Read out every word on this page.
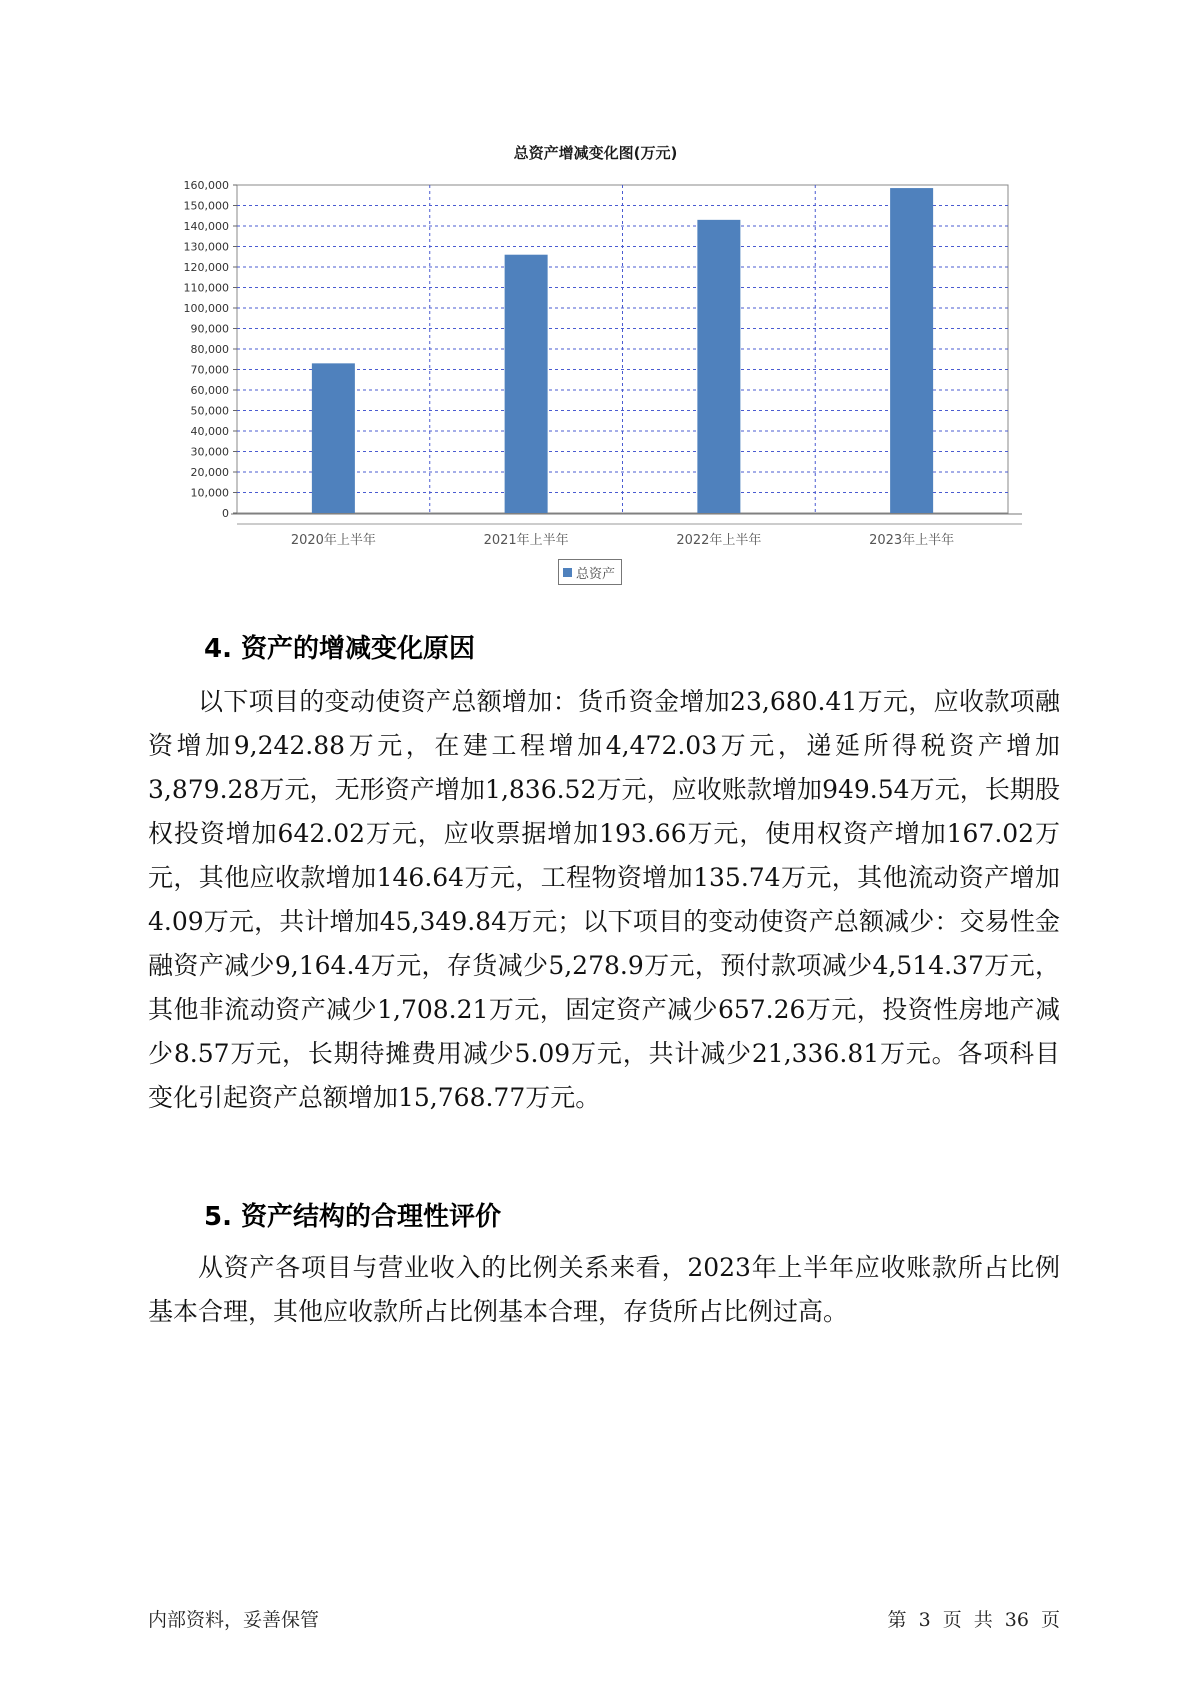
总资产增减变化图(万元)
0
10,000
20,000
30,000
40,000
50,000
60,000
70,000
80,000
90,000
100,000
110,000
120,000
130,000
140,000
150,000
160,000
2020年上半年	2021年上半年	2022年上半年	2023年上半年
总资产
4. 资产的增减变化原因
以下项目的变动使资产总额增加：货币资金增加23,680.41万元，应收款项融资增加9,242.88万元，在建工程增加4,472.03万元，递延所得税资产增加3,879.28万元，无形资产增加1,836.52万元，应收账款增加949.54万元，长期股权投资增加642.02万元，应收票据增加193.66万元，使用权资产增加167.02万元，其他应收款增加146.64万元，工程物资增加135.74万元，其他流动资产增加4.09万元，共计增加45,349.84万元；以下项目的变动使资产总额减少：交易性金融资产减少9,164.4万元，存货减少5,278.9万元，预付款项减少4,514.37万元，其他非流动资产减少1,708.21万元，固定资产减少657.26万元，投资性房地产减少8.57万元，长期待摊费用减少5.09万元，共计减少21,336.81万元。各项科目变化引起资产总额增加15,768.77万元。
5. 资产结构的合理性评价
从资产各项目与营业收入的比例关系来看，2023年上半年应收账款所占比例基本合理，其他应收款所占比例基本合理，存货所占比例过高。
内部资料，妥善保管	第 3 页 共 36 页
